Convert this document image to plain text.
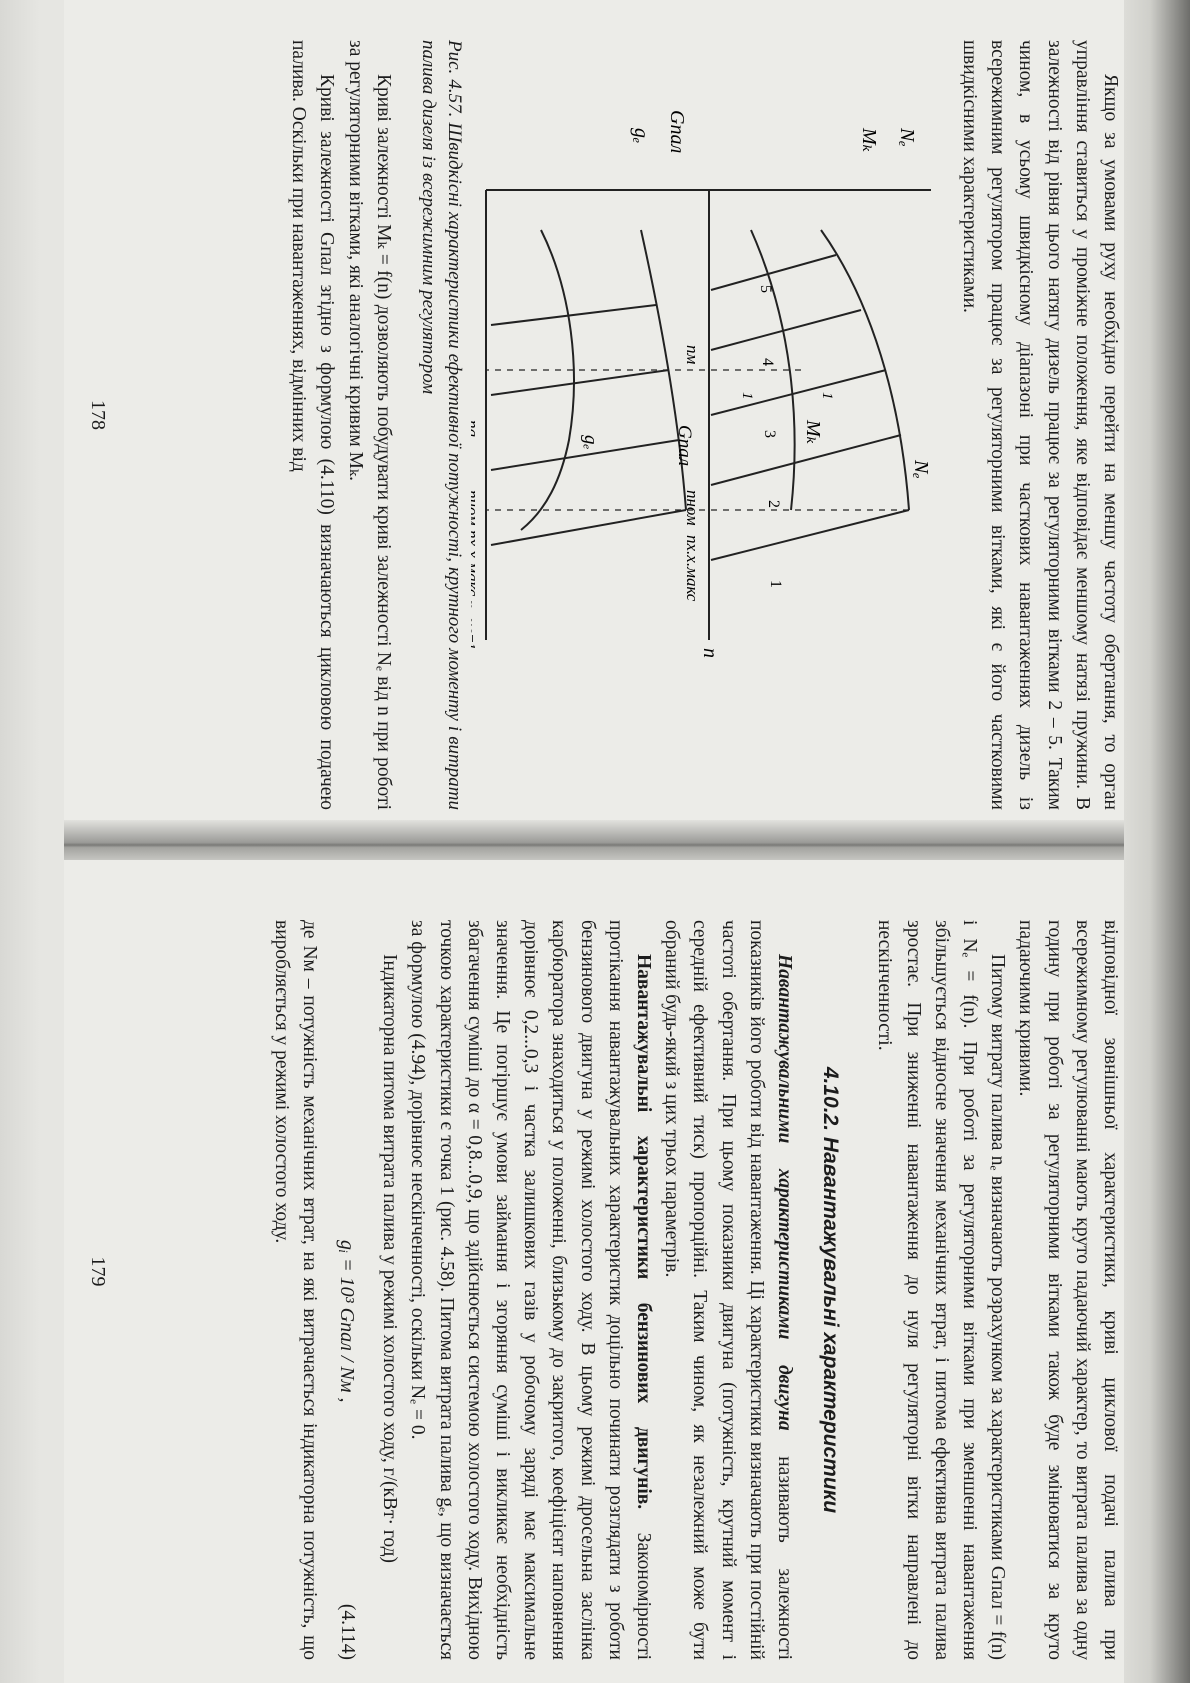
Якщо за умовами руху необхідно перейти на меншу частоту обертання, то орган управління ставиться у проміжне положення, яке відповідає меншому натязі пружини. В залежності від рівня цього натягу дизель працює за регуляторними вітками 2 – 5. Таким чином, в усьому швидкісному діапазоні при часткових навантаженнях дизель із всережимним регулятором працює за регуляторними вітками, які є його частковими швидкісними характеристиками.

Nₑ
Mₖ
Gпал
gₑ
n
n, хв⁻¹
Nₑ
Mₖ
Gпал
gₑ
1
2
3
4
5
1
1
nм
nном
nх.х.макс
ngₑ
nном
nх.х.макс

Рис. 4.57. Швидкісні характеристики ефективної потужності, крутного моменту і витрати палива дизеля із всережимним регулятором

Криві залежності Mₖ = f(n) дозволяють побудувати криві залежності Nₑ від n при роботі за регуляторними вітками, які аналогічні кривим Mₖ.

Криві залежності Gпал згідно з формулою (4.110) визначаються цикловою подачею палива. Оскільки при навантаженнях, відмінних від

178

відповідної зовнішньої характеристики, криві циклової подачі палива при всережимному регулюванні мають круто падаючий характер, то витрата палива за одну годину при роботі за регуляторними вітками також буде змінюватися за круто падаючими кривими.

Питому витрату палива nₑ визначають розрахунком за характеристиками Gпал = f(n) і Nₑ = f(n). При роботі за регуляторними вітками при зменшенні навантаження збільшується відносне значення механічних втрат, і питома ефективна витрата палива зростає. При зниженні навантаження до нуля регуляторні вітки направлені до нескінченності.

4.10.2. Навантажувальні характеристики

Навантажувальними характеристиками двигуна називають залежності показників його роботи від навантаження. Ці характеристики визначають при постійній частоті обертання. При цьому показники двигуна (потужність, крутний момент і середній ефективний тиск) пропорційні. Таким чином, як незалежний може бути обраний будь-який з цих трьох параметрів.

Навантажувальні характеристики бензинових двигунів. Закономірності протікання навантажувальних характеристик доцільно починати розглядати з роботи бензинового двигуна у режимі холостого ходу. В цьому режимі дросельна заслінка карбюратора знаходиться у положенні, близькому до закритого, коефіцієнт наповнення дорівнює 0,2...0,3 і частка залишкових газів у робочому заряді має максимальне значення. Це погіршує умови займання і згоряння суміші і викликає необхідність збагачення суміші до α = 0,8...0,9, що здійснюється системою холостого ходу. Вихідною точкою характеристики є точка 1 (рис. 4.58). Питома витрата палива gₑ, що визначається за формулою (4.94), дорівнює нескінченності, оскільки Nₑ = 0.

Індикаторна питома витрата палива у режимі холостого ходу, г/(кВт· год)

gᵢ = 10³ Gпал / Nм ,
(4.114)

де Nм – потужність механічних втрат, на які витрачається індикаторна потужність, що виробляється у режимі холостого ходу.

179
